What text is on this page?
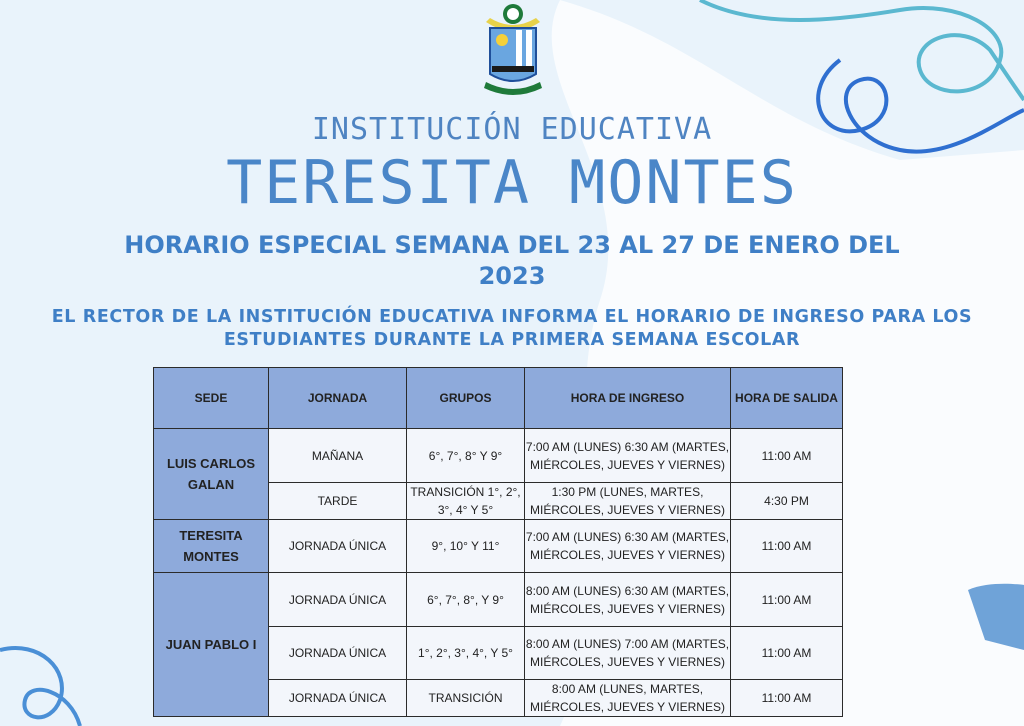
INSTITUCIÓN EDUCATIVA
TERESITA MONTES
HORARIO ESPECIAL SEMANA DEL 23 AL 27 DE ENERO DEL 2023
EL RECTOR DE LA INSTITUCIÓN EDUCATIVA INFORMA EL HORARIO DE INGRESO PARA LOS ESTUDIANTES DURANTE LA PRIMERA SEMANA ESCOLAR
SEDE	JORNADA	GRUPOS	HORA DE INGRESO	HORA DE SALIDA
LUIS CARLOS GALAN	MAÑANA	6°, 7°, 8° Y 9°	7:00 AM (LUNES) 6:30 AM (MARTES, MIÉRCOLES, JUEVES Y VIERNES)	11:00 AM
	TARDE	TRANSICIÓN 1°, 2°, 3°, 4° Y 5°	1:30 PM (LUNES, MARTES, MIÉRCOLES, JUEVES Y VIERNES)	4:30 PM
TERESITA MONTES	JORNADA ÚNICA	9°, 10° Y 11°	7:00 AM (LUNES) 6:30 AM (MARTES, MIÉRCOLES, JUEVES Y VIERNES)	11:00 AM
JUAN PABLO I	JORNADA ÚNICA	6°, 7°, 8°, Y 9°	8:00 AM (LUNES) 6:30 AM (MARTES, MIÉRCOLES, JUEVES Y VIERNES)	11:00 AM
	JORNADA ÚNICA	1°, 2°, 3°, 4°, Y 5°	8:00 AM (LUNES) 7:00 AM (MARTES, MIÉRCOLES, JUEVES Y VIERNES)	11:00 AM
	JORNADA ÚNICA	TRANSICIÓN	8:00 AM (LUNES, MARTES, MIÉRCOLES, JUEVES Y VIERNES)	11:00 AM
